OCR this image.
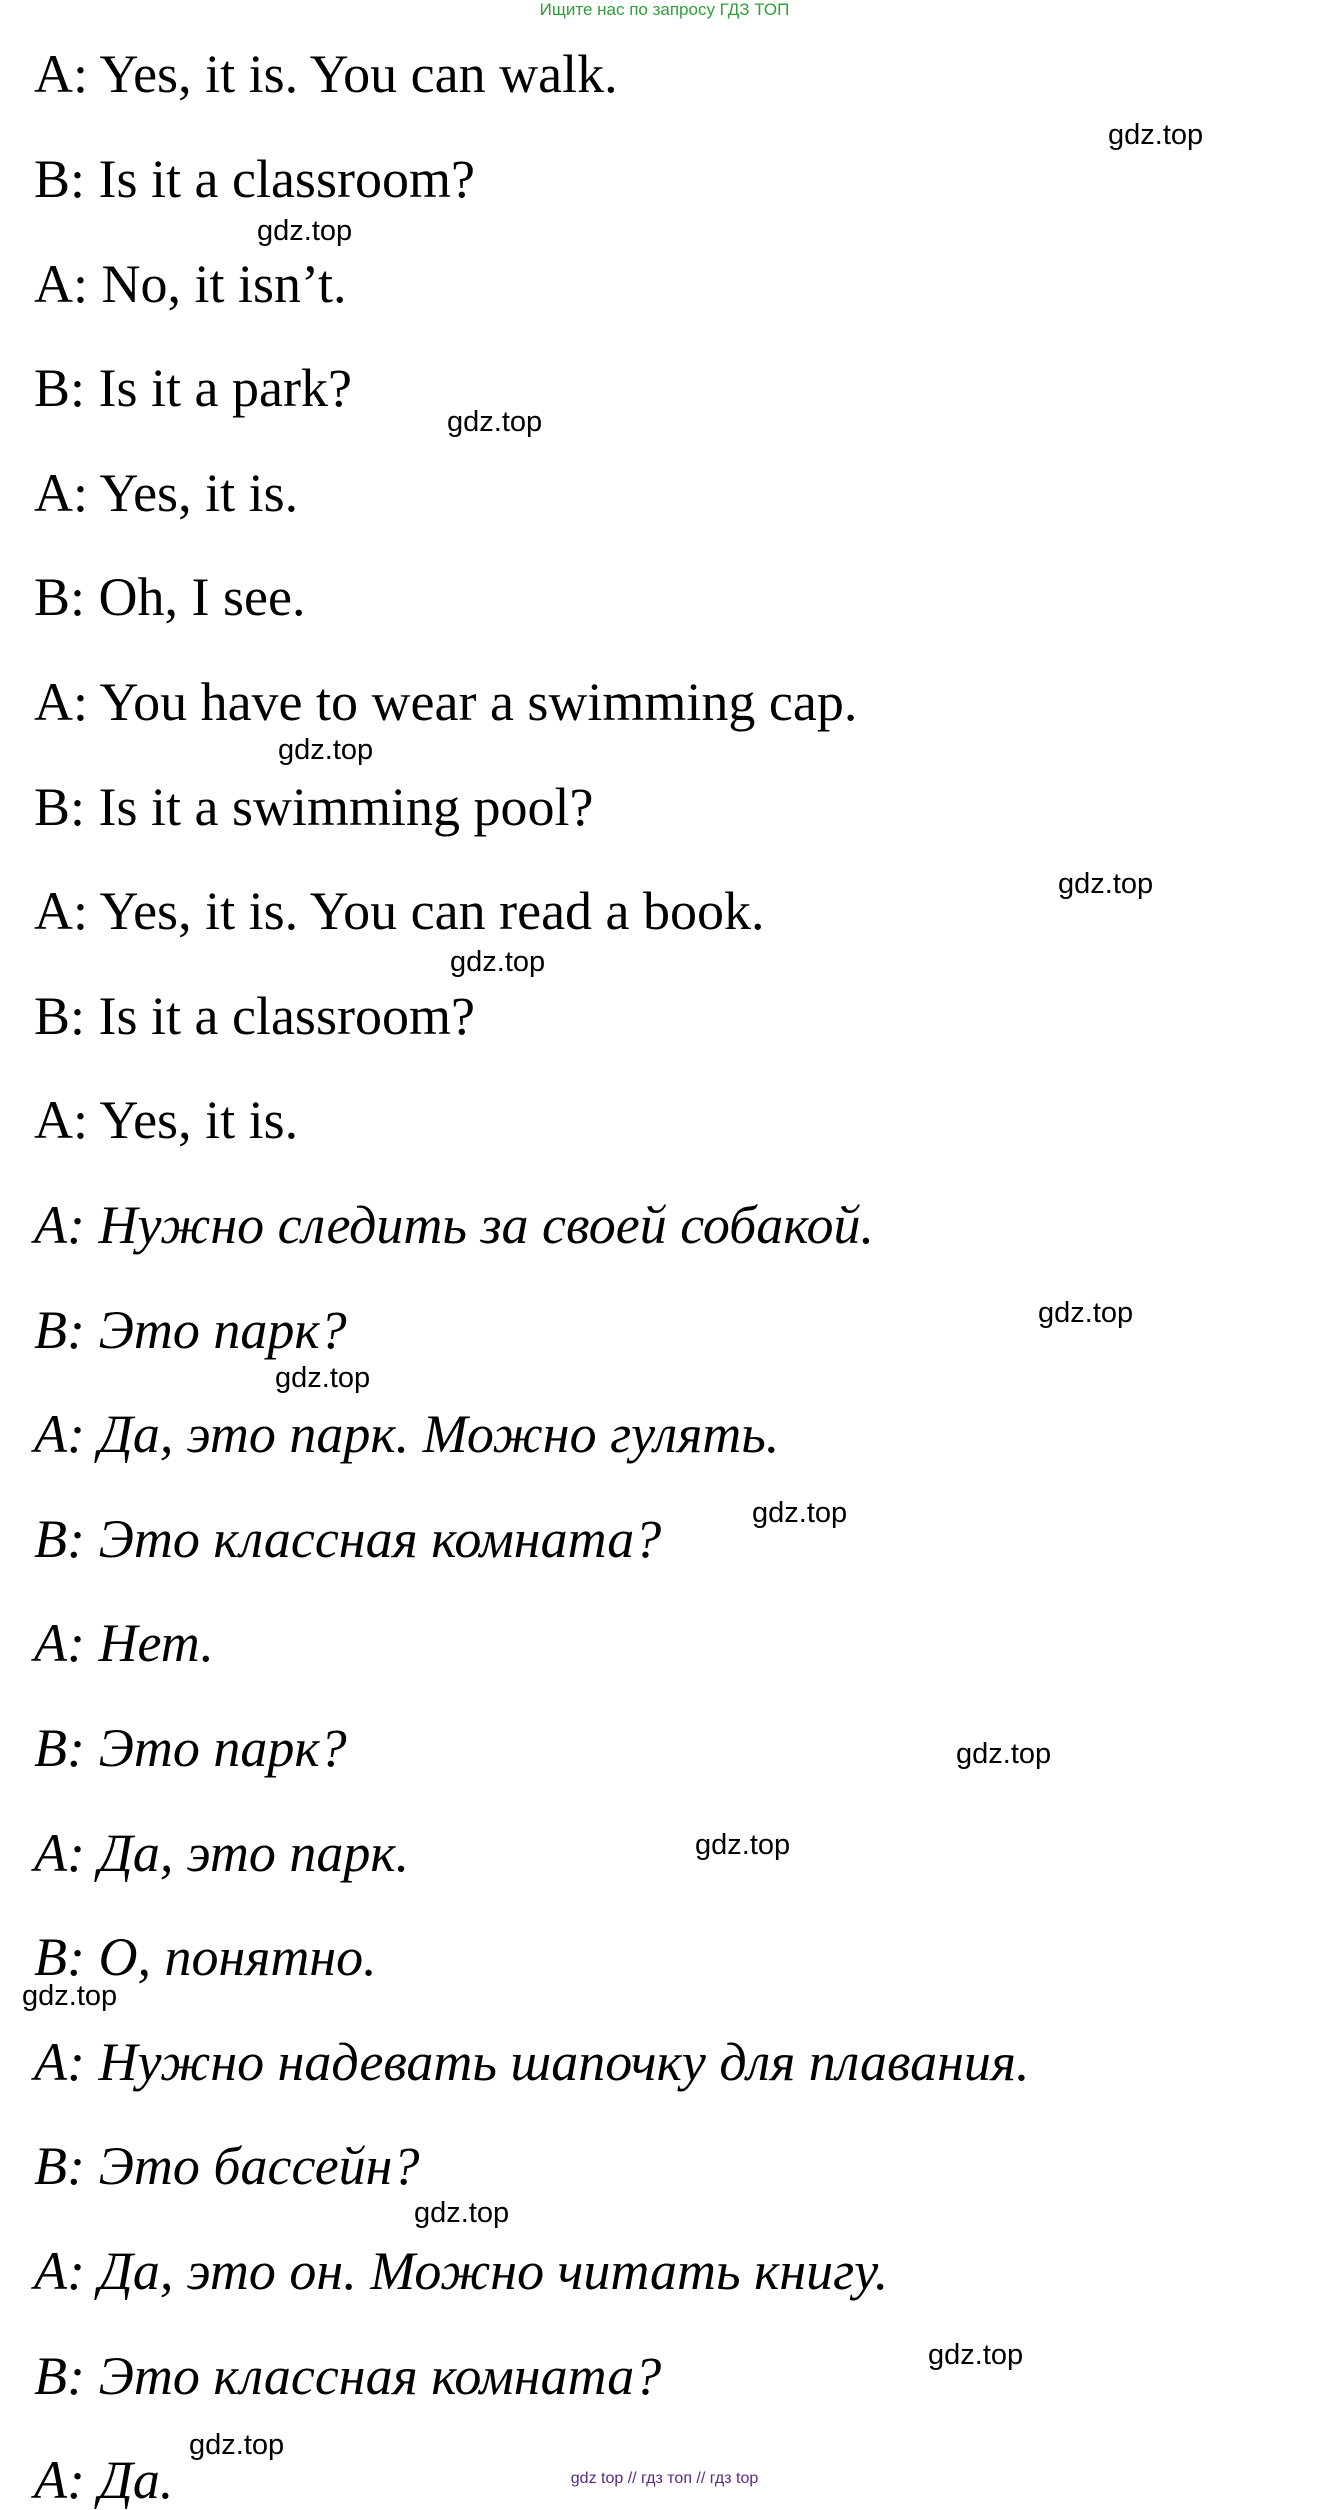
Ищите нас по запросу ГДЗ ТОП
A: Yes, it is. You can walk.
B: Is it a classroom?
A: No, it isn’t.
B: Is it a park?
A: Yes, it is.
B: Oh, I see.
A: You have to wear a swimming cap.
B: Is it a swimming pool?
A: Yes, it is. You can read a book.
B: Is it a classroom?
A: Yes, it is.
A: Нужно следить за своей собакой.
B: Это парк?
A: Да, это парк. Можно гулять.
B: Это классная комната?
A: Нет.
B: Это парк?
A: Да, это парк.
B: О, понятно.
A: Нужно надевать шапочку для плавания.
B: Это бассейн?
A: Да, это он. Можно читать книгу.
B: Это классная комната?
A: Да.
gdz.top
gdz.top
gdz.top
gdz.top
gdz.top
gdz.top
gdz.top
gdz.top
gdz.top
gdz.top
gdz.top
gdz.top
gdz.top
gdz.top
gdz.top
gdz top // гдз топ // гдз top
